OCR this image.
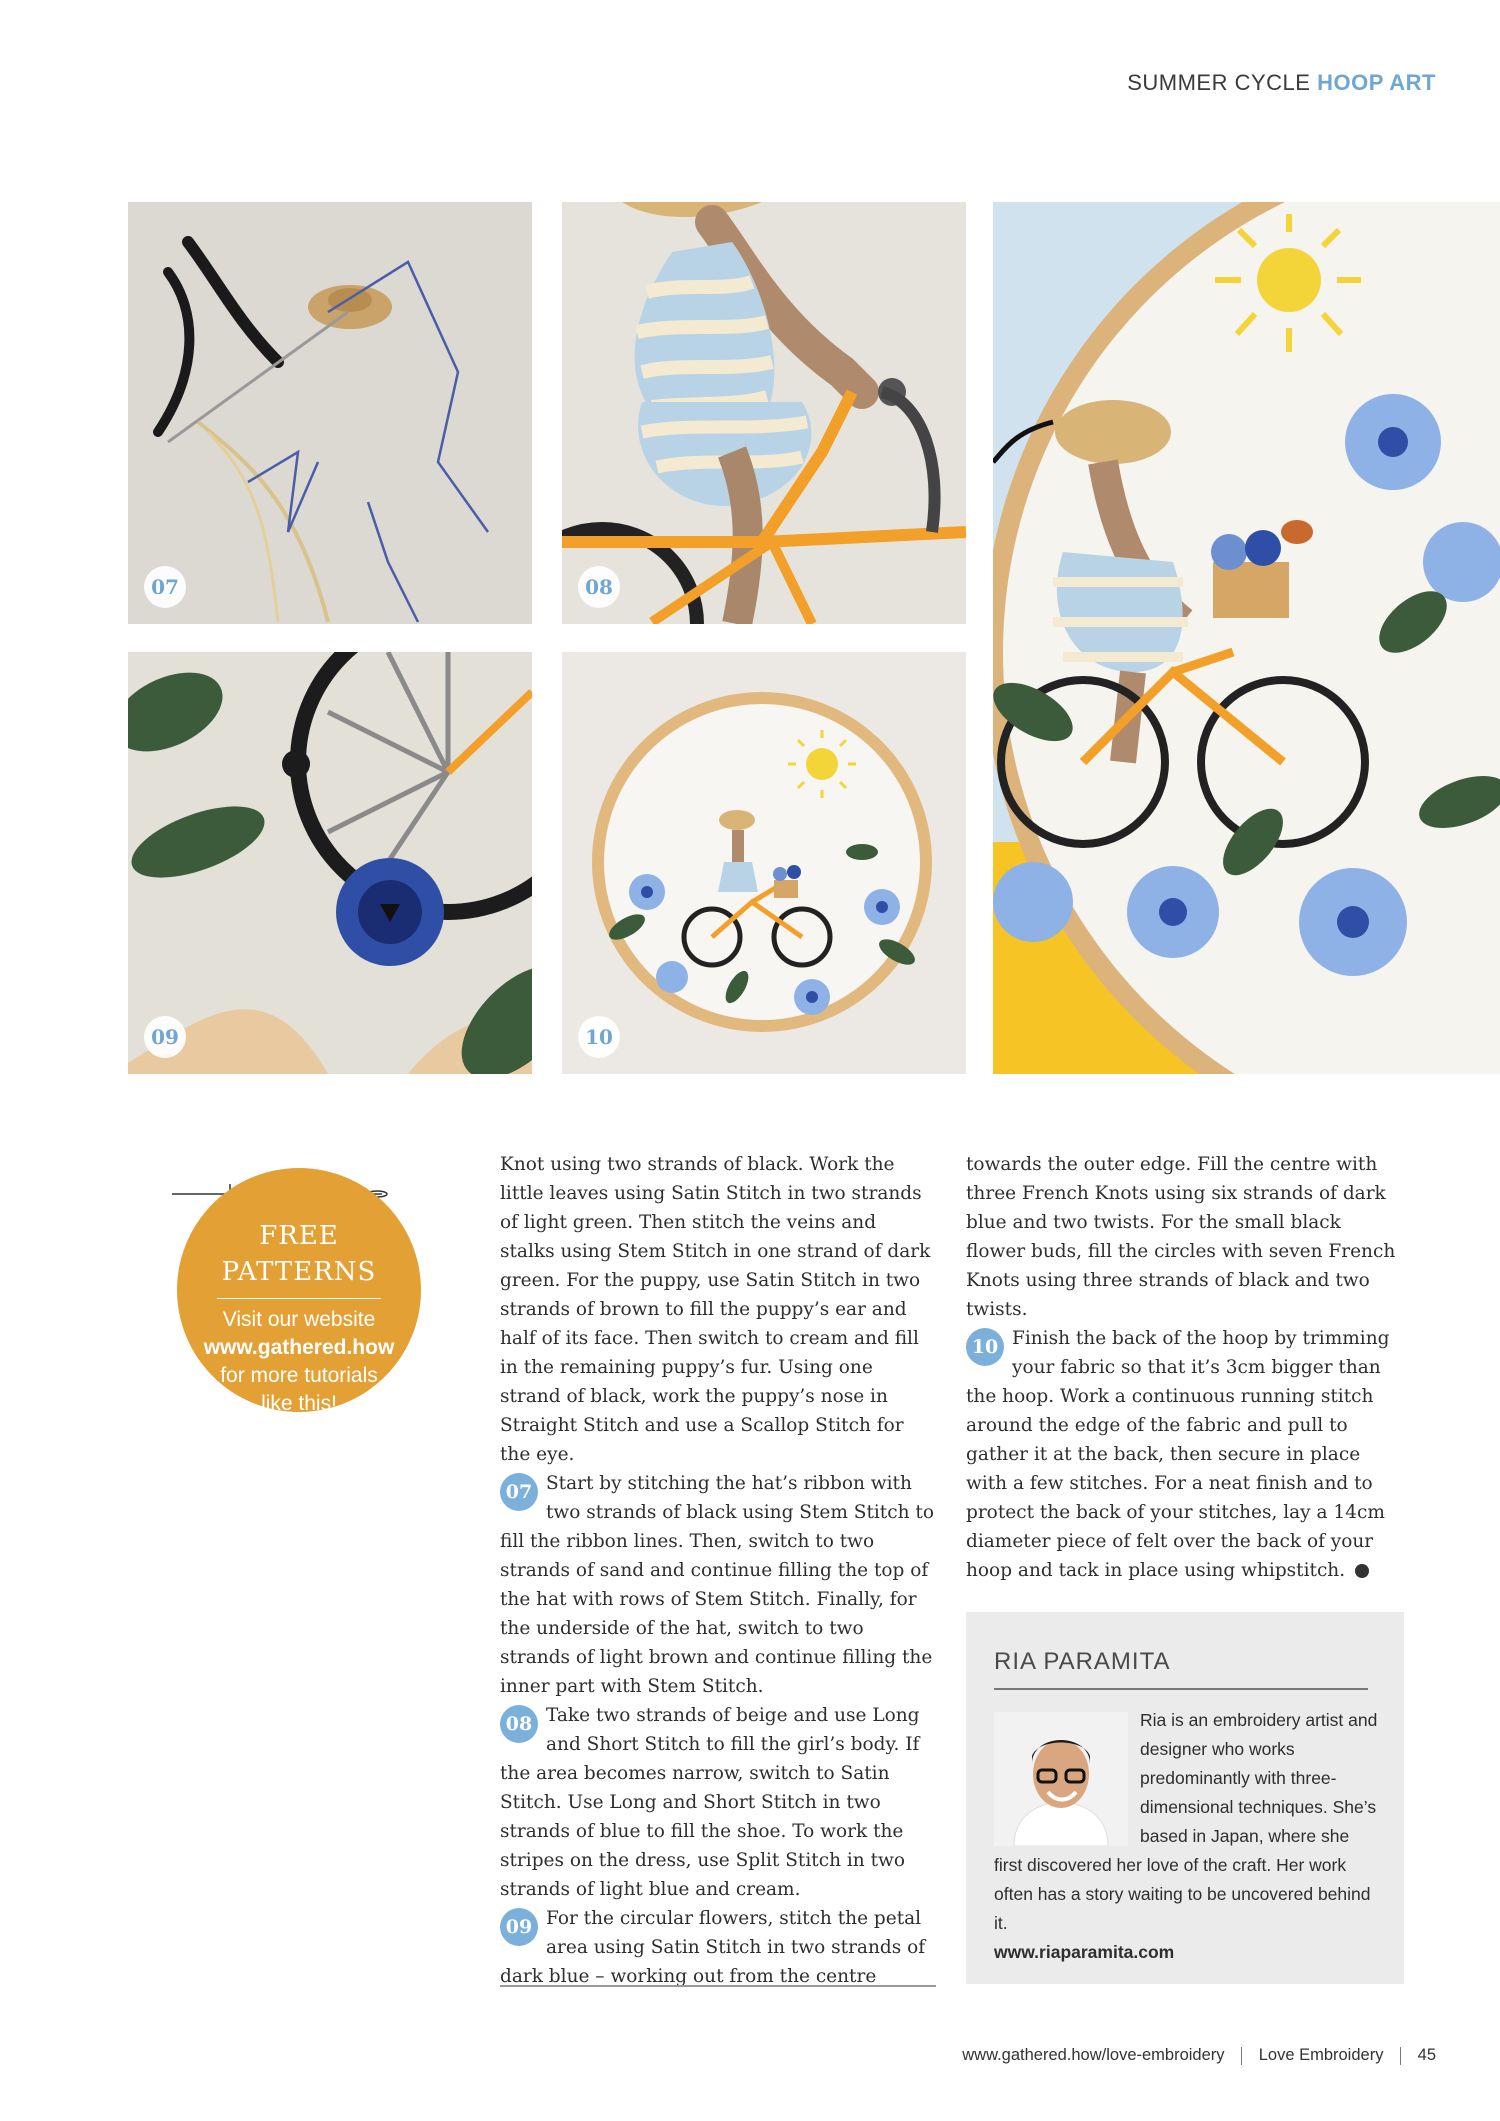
SUMMER CYCLE HOOP ART
07	08
09	10
FREE
PATTERNS
Visit our website
www.gathered.how
for more tutorials
like this!

Knot using two strands of black. Work the little leaves using Satin Stitch in two strands of light green. Then stitch the veins and stalks using Stem Stitch in one strand of dark green. For the puppy, use Satin Stitch in two strands of brown to fill the puppy’s ear and half of its face. Then switch to cream and fill in the remaining puppy’s fur. Using one strand of black, work the puppy’s nose in Straight Stitch and use a Scallop Stitch for the eye.

07 Start by stitching the hat’s ribbon with two strands of black using Stem Stitch to fill the ribbon lines. Then, switch to two strands of sand and continue filling the top of the hat with rows of Stem Stitch. Finally, for the underside of the hat, switch to two strands of light brown and continue filling the inner part with Stem Stitch.

08 Take two strands of beige and use Long and Short Stitch to fill the girl’s body. If the area becomes narrow, switch to Satin Stitch. Use Long and Short Stitch in two strands of blue to fill the shoe. To work the stripes on the dress, use Split Stitch in two strands of light blue and cream.

09 For the circular flowers, stitch the petal area using Satin Stitch in two strands of dark blue – working out from the centre

towards the outer edge. Fill the centre with three French Knots using six strands of dark blue and two twists. For the small black flower buds, fill the circles with seven French Knots using three strands of black and two twists.

10 Finish the back of the hoop by trimming your fabric so that it’s 3cm bigger than the hoop. Work a continuous running stitch around the edge of the fabric and pull to gather it at the back, then secure in place with a few stitches. For a neat finish and to protect the back of your stitches, lay a 14cm diameter piece of felt over the back of your hoop and tack in place using whipstitch.

RIA PARAMITA
Ria is an embroidery artist and designer who works predominantly with three-dimensional techniques. She’s based in Japan, where she first discovered her love of the craft. Her work often has a story waiting to be uncovered behind it.
www.riaparamita.com
www.gathered.how/love-embroidery Love Embroidery 45
